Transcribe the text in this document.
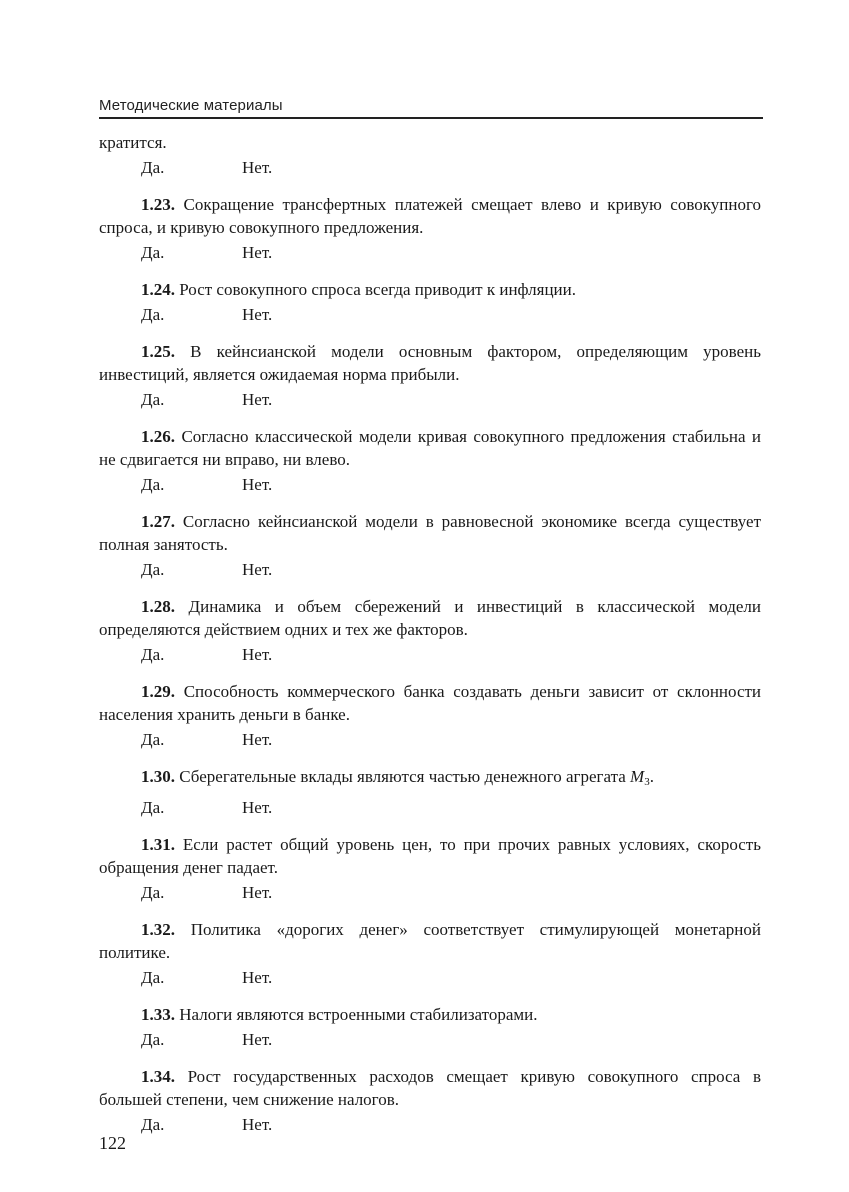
Методические материалы

кратится.

Да.	Нет.

1.23. Сокращение трансфертных платежей смещает влево и кривую совокупного спроса, и кривую совокупного предложения.

Да.	Нет.

1.24. Рост совокупного спроса всегда приводит к инфляции.

Да.	Нет.

1.25. В кейнсианской модели основным фактором, определяющим уровень инвестиций, является ожидаемая норма прибыли.

Да.	Нет.

1.26. Согласно классической модели кривая совокупного предложения стабильна и не сдвигается ни вправо, ни влево.

Да.	Нет.

1.27. Согласно кейнсианской модели в равновесной экономике всегда существует полная занятость.

Да.	Нет.

1.28. Динамика и объем сбережений и инвестиций в классической модели определяются действием одних и тех же факторов.

Да.	Нет.

1.29. Способность коммерческого банка создавать деньги зависит от склонности населения хранить деньги в банке.

Да.	Нет.

1.30. Сберегательные вклады являются частью денежного агрегата $M_3$.

Да.	Нет.

1.31. Если растет общий уровень цен, то при прочих равных условиях, скорость обращения денег падает.

Да.	Нет.

1.32. Политика «дорогих денег» соответствует стимулирующей монетарной политике.

Да.	Нет.

1.33. Налоги являются встроенными стабилизаторами.

Да.	Нет.

1.34. Рост государственных расходов смещает кривую совокупного спроса в большей степени, чем снижение налогов.

Да.	Нет.
122
